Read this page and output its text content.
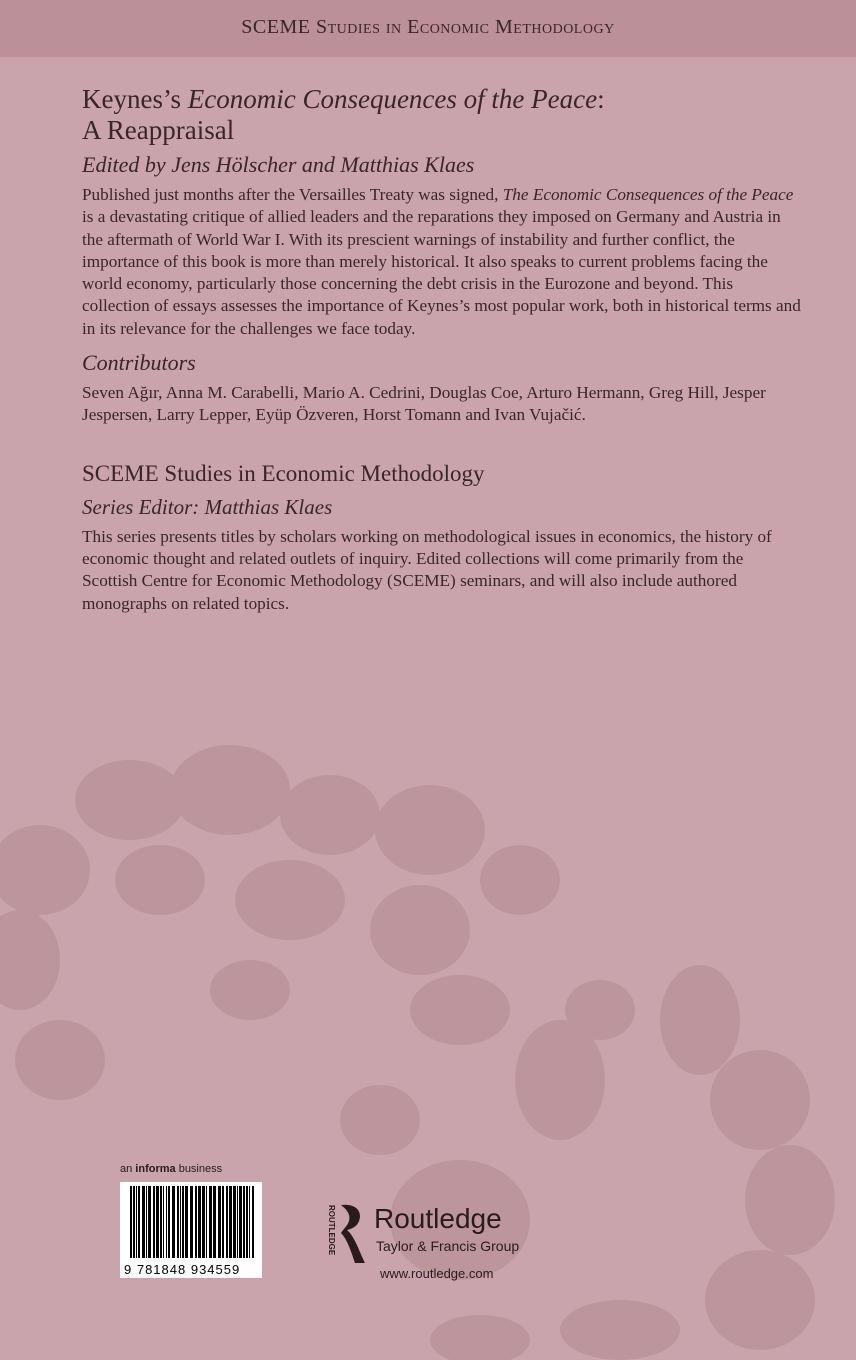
SCEME Studies in Economic Methodology
Keynes’s Economic Consequences of the Peace:
A Reappraisal
Edited by Jens Hölscher and Matthias Klaes

Published just months after the Versailles Treaty was signed, The Economic Consequences of the Peace is a devastating critique of allied leaders and the reparations they imposed on Germany and Austria in the aftermath of World War I. With its prescient warnings of instability and further conflict, the importance of this book is more than merely historical. It also speaks to current problems facing the world economy, particularly those concerning the debt crisis in the Eurozone and beyond. This collection of essays assesses the importance of Keynes’s most popular work, both in historical terms and in its relevance for the challenges we face today.

Contributors

Seven Ağır, Anna M. Carabelli, Mario A. Cedrini, Douglas Coe, Arturo Hermann, Greg Hill, Jesper Jespersen, Larry Lepper, Eyüp Özveren, Horst Tomann and Ivan Vujačić.

SCEME Studies in Economic Methodology
Series Editor: Matthias Klaes

This series presents titles by scholars working on methodological issues in economics, the history of economic thought and related outlets of inquiry. Edited collections will come primarily from the Scottish Centre for Economic Methodology (SCEME) seminars, and will also include authored monographs on related topics.

an informa business
9 781848 934559
ROUTLEDGE Routledge
Taylor & Francis Group
www.routledge.com
